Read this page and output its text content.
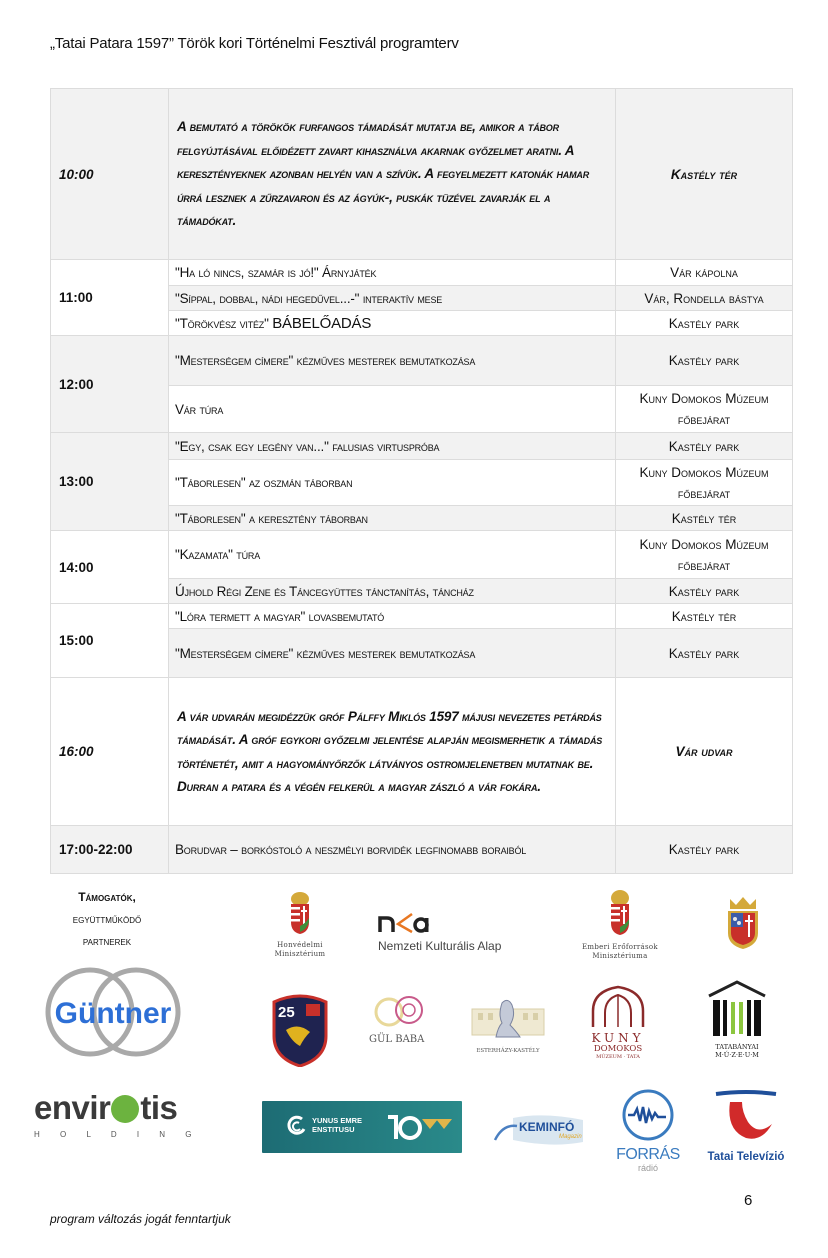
„Tatai Patara 1597” Török kori Történelmi Fesztivál programterv
10:00	A bemutató a törökök furfangos támadását mutatja be, amikor a tábor felgyújtásával előidézett zavart kihasználva akarnak győzelmet aratni. A keresztényeknek azonban helyén van a szívük. A fegyelmezett katonák hamar úrrá lesznek a zűrzavaron és az ágyúk-, puskák tüzével zavarják el a támadókat.	Kastély tér
11:00	"Ha ló nincs, szamár is jó!" Árnyjáték	Vár kápolna
	"Síppal, dobbal, nádi hegedűvel...-" interaktív mese	Vár, Rondella bástya
	"Törökvész vitéz" BÁBELŐADÁS	Kastély park
12:00	"Mesterségem címere" kézműves mesterek bemutatkozása	Kastély park
	Vár túra	Kuny Domokos Múzeum főbejárat
13:00	"Egy, csak egy legény van..." falusias virtuspróba	Kastély park
	"Táborlesen" az oszmán táborban	Kuny Domokos Múzeum főbejárat
	"Táborlesen" a keresztény táborban	Kastély tér
14:00	"Kazamata" túra	Kuny Domokos Múzeum főbejárat
	Újhold Régi Zene és Táncegyüttes tánctanítás, táncház	Kastély park
15:00	"Lóra termett a magyar" lovasbemutató	Kastély tér
	"Mesterségem címere" kézműves mesterek bemutatkozása	Kastély park
16:00	A vár udvarán megidézzük gróf Pálffy Miklós 1597 májusi nevezetes petárdás támadását. A gróf egykori győzelmi jelentése alapján megismerhetik a támadás történetét, amit a hagyományőrzők látványos ostromjelenetben mutatnak be. Durran a patara és a végén felkerül a magyar zászló a vár fokára.	Vár udvar
17:00-22:00	Borudvar – borkóstoló a neszmélyi borvidék legfinomabb boraiból	Kastély park
Támogatók,
együttműködő
partnerek	Honvédelmi
Minisztérium
Nemzeti Kulturális Alap	Emberi Erőforrások
Minisztériuma
Güntner	25
GÜL BABA
ESTERHÁZY-KASTÉLY
KUNY
DOMOKOS
MÚZEUM · TATA
TATABÁNYAI
M·Ú·Z·E·U·M
envir tis
H O L D I N G
YUNUS EMRE
ENSTITUSU	KEMINFÓ
Magazin
FORRÁS
rádió
Tatai Televízió
6
program változás jogát fenntartjuk
